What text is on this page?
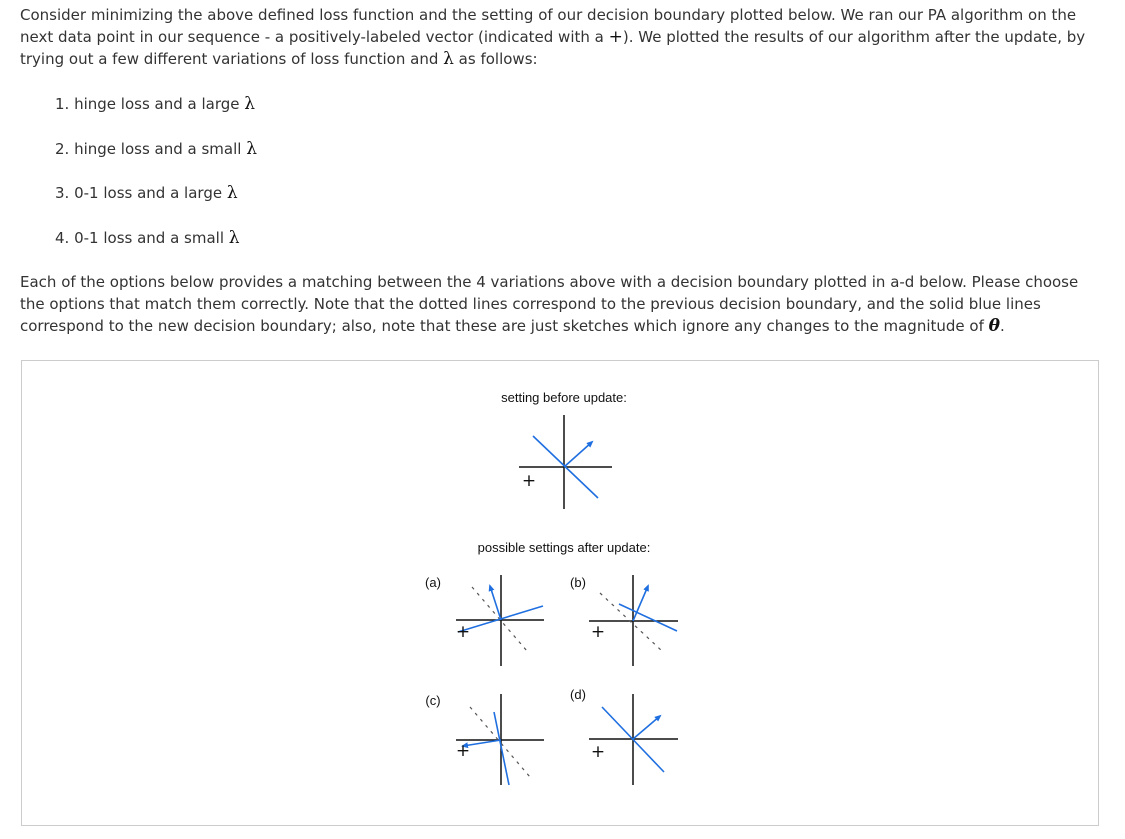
Consider minimizing the above defined loss function and the setting of our decision boundary plotted below. We ran our PA algorithm on the next data point in our sequence - a positively-labeled vector (indicated with a +). We plotted the results of our algorithm after the update, by trying out a few different variations of loss function and λ as follows:

1. hinge loss and a large λ
2. hinge loss and a small λ
3. 0-1 loss and a large λ
4. 0-1 loss and a small λ

Each of the options below provides a matching between the 4 variations above with a decision boundary plotted in a-d below. Please choose the options that match them correctly. Note that the dotted lines correspond to the previous decision boundary, and the solid blue lines correspond to the new decision boundary; also, note that these are just sketches which ignore any changes to the magnitude of θ.

setting before update:
+
possible settings after update:
(a)
+
(b)
+
(c)
+
(d)
+
